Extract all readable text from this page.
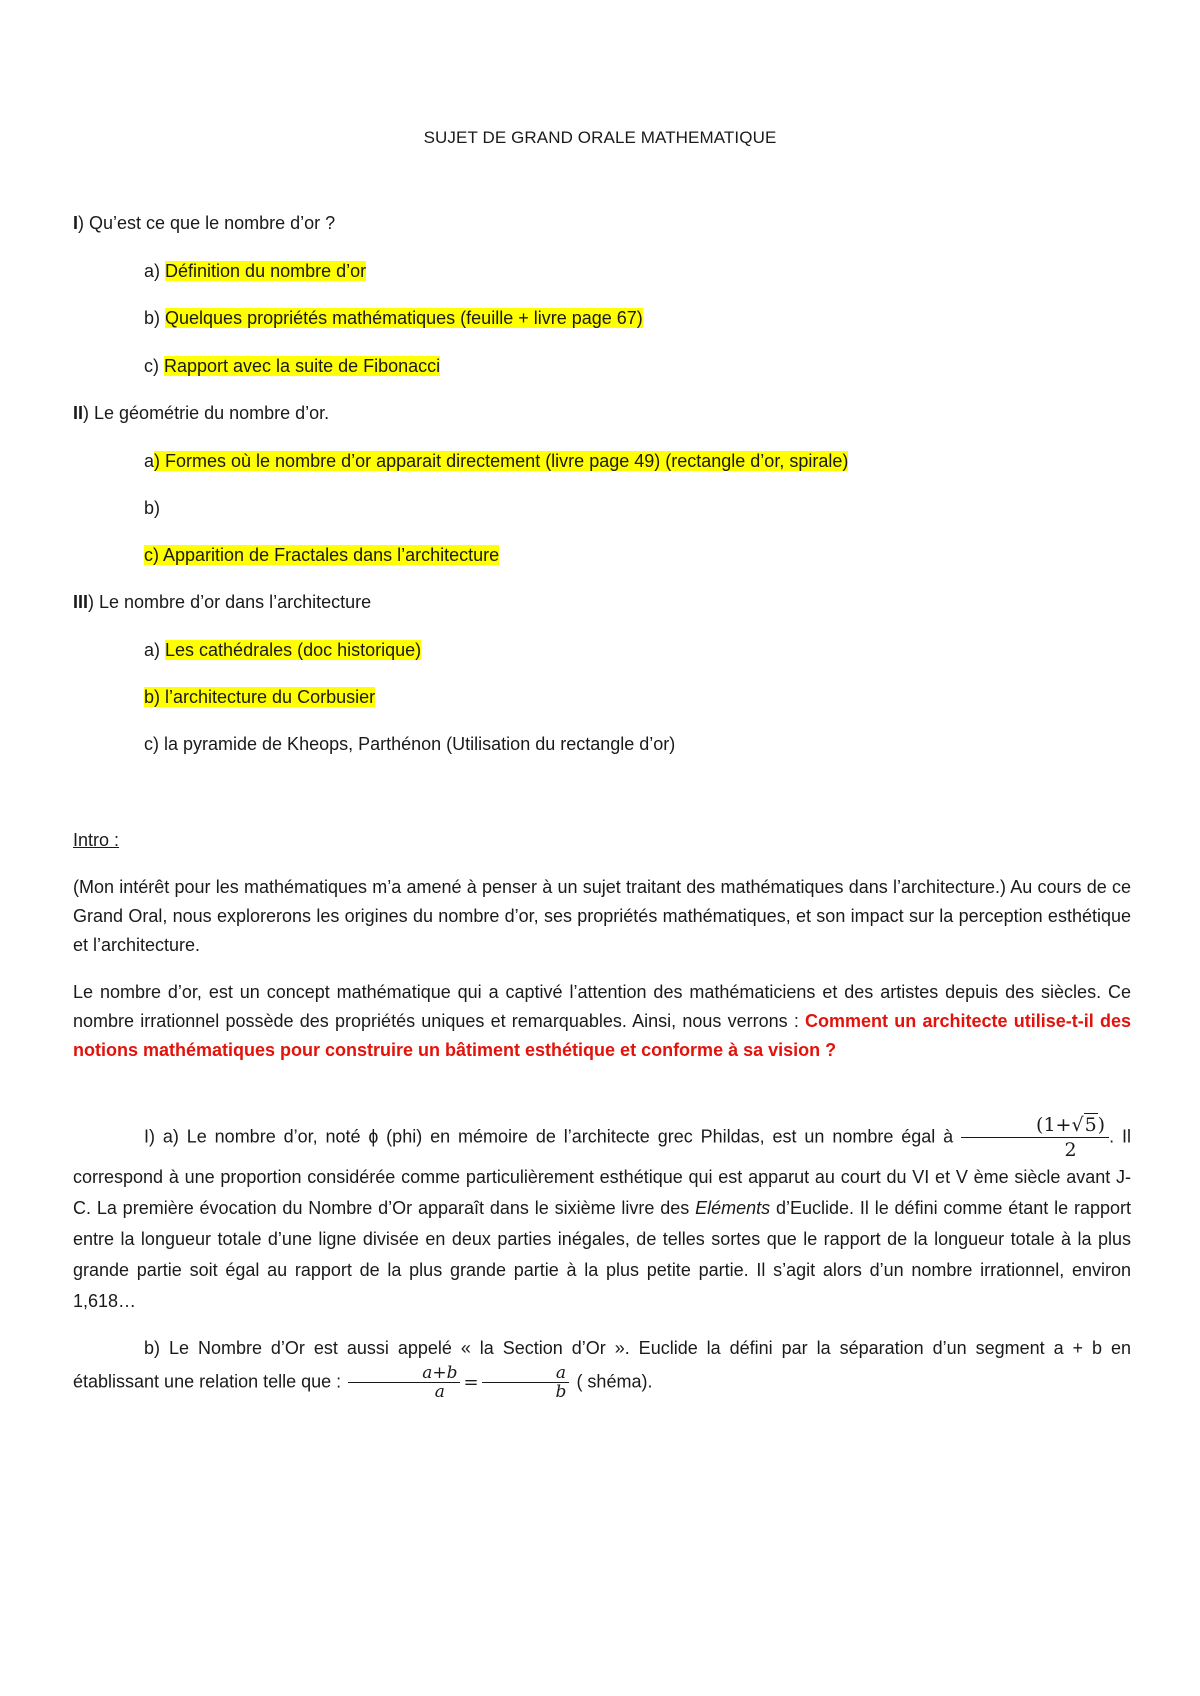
SUJET DE GRAND ORALE MATHEMATIQUE
I) Qu’est ce que le nombre d’or ?
a) Définition du nombre d’or
b) Quelques propriétés mathématiques (feuille + livre page 67)
c) Rapport avec la suite de Fibonacci
II) Le géométrie du nombre d’or.
a) Formes où le nombre d’or apparait directement (livre page 49) (rectangle d’or, spirale)
b)
c) Apparition de Fractales dans l’architecture
III) Le nombre d’or dans l’architecture
a) Les cathédrales (doc historique)
b) l’architecture du Corbusier
c) la pyramide de Kheops, Parthénon (Utilisation du rectangle d’or)
Intro :
(Mon intérêt pour les mathématiques m’a amené à penser à un sujet traitant des mathématiques dans l’architecture.) Au cours de ce Grand Oral, nous explorerons les origines du nombre d’or, ses propriétés mathématiques, et son impact sur la perception esthétique et l’architecture.
Le nombre d’or, est un concept mathématique qui a captivé l’attention des mathématiciens et des artistes depuis des siècles. Ce nombre irrationnel possède des propriétés uniques et remarquables. Ainsi, nous verrons : Comment un architecte utilise-t-il des notions mathématiques pour construire un bâtiment esthétique et conforme à sa vision ?
I) a) Le nombre d’or, noté ɸ (phi) en mémoire de l’architecte grec Phildas, est un nombre égal à $\frac{(1+√5)}{2}$ . Il correspond à une proportion considérée comme particulièrement esthétique qui est apparut au court du VI et V ème siècle avant J-C. La première évocation du Nombre d’Or apparaît dans le sixième livre des Eléments d’Euclide. Il le défini comme étant le rapport entre la longueur totale d’une ligne divisée en deux parties inégales, de telles sortes que le rapport de la longueur totale à la plus grande partie soit égal au rapport de la plus grande partie à la plus petite partie. Il s’agit alors d’un nombre irrationnel, environ 1,618…
b) Le Nombre d’Or est aussi appelé « la Section d’Or ». Euclide la défini par la séparation d’un segment a + b en établissant une relation telle que : $\frac{a+b}{a} = \frac{a}{b}$ ( shéma).
